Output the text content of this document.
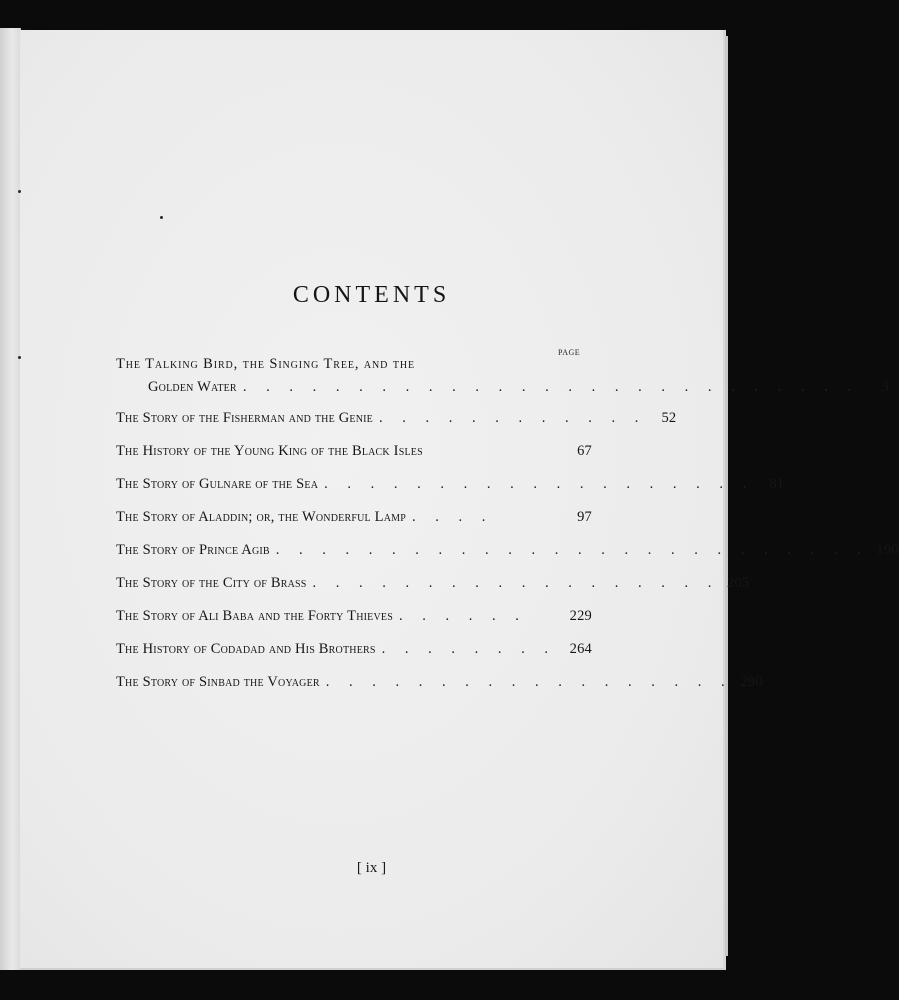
CONTENTS
PAGE
The Talking Bird, the Singing Tree, and the
Golden Water . . . . . . . . . . . . . . . . . . . . . . . . . . .	3
The Story of the Fisherman and the Genie . . . . . . . . . . . .	52
The History of the Young King of the Black Isles	67
The Story of Gulnare of the Sea . . . . . . . . . . . . . . . . . . .	81
The Story of Aladdin; or, the Wonderful Lamp . . . .	97
The Story of Prince Agib . . . . . . . . . . . . . . . . . . . . . . . . . . 190
The Story of the City of Brass . . . . . . . . . . . . . . . . . . 205
The Story of Ali Baba and the Forty Thieves . . . . . .	229
The History of Codadad and His Brothers . . . . . . . . 264
The Story of Sinbad the Voyager . . . . . . . . . . . . . . . . . . 290
[ ix ]
